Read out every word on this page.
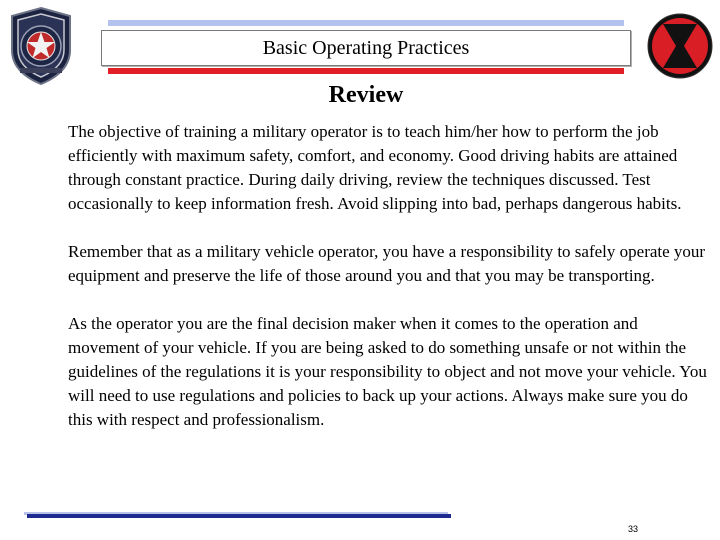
Basic Operating Practices
Review

The objective of training a military operator is to teach him/her how to perform the job efficiently with maximum safety, comfort, and economy. Good driving habits are attained through constant practice. During daily driving, review the techniques discussed. Test occasionally to keep information fresh. Avoid slipping into bad, perhaps dangerous habits.

Remember that as a military vehicle operator, you have a responsibility to safely operate your equipment and preserve the life of those around you and that you may be transporting.

As the operator you are the final decision maker when it comes to the operation and movement of your vehicle. If you are being asked to do something unsafe or not within the guidelines of the regulations it is your responsibility to object and not move your vehicle. You will need to use regulations and policies to back up your actions. Always make sure you do this with respect and professionalism.

33
